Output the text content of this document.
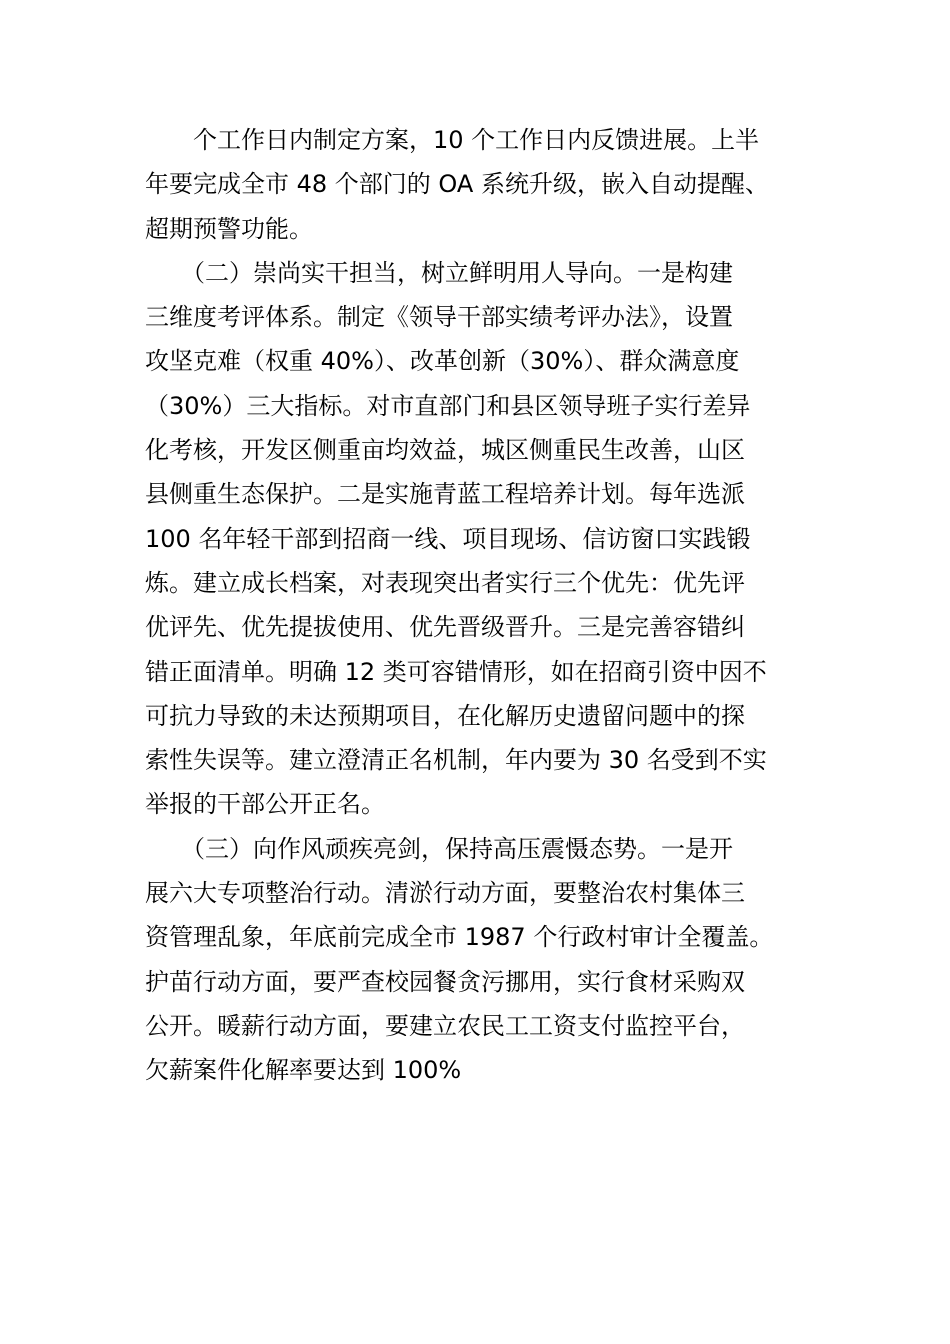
　　个工作日内制定方案，10 个工作日内反馈进展。上半
年要完成全市 48 个部门的 OA 系统升级，嵌入自动提醒、
超期预警功能。
　　（二）崇尚实干担当，树立鲜明用人导向。一是构建
三维度考评体系。制定《领导干部实绩考评办法》，设置
攻坚克难（权重 40%）、改革创新（30%）、群众满意度
（30%）三大指标。对市直部门和县区领导班子实行差异
化考核，开发区侧重亩均效益，城区侧重民生改善，山区
县侧重生态保护。二是实施青蓝工程培养计划。每年选派
100 名年轻干部到招商一线、项目现场、信访窗口实践锻
炼。建立成长档案，对表现突出者实行三个优先：优先评
优评先、优先提拔使用、优先晋级晋升。三是完善容错纠
错正面清单。明确 12 类可容错情形，如在招商引资中因不
可抗力导致的未达预期项目，在化解历史遗留问题中的探
索性失误等。建立澄清正名机制，年内要为 30 名受到不实
举报的干部公开正名。
　　（三）向作风顽疾亮剑，保持高压震慑态势。一是开
展六大专项整治行动。清淤行动方面，要整治农村集体三
资管理乱象，年底前完成全市 1987 个行政村审计全覆盖。
护苗行动方面，要严查校园餐贪污挪用，实行食材采购双
公开。暖薪行动方面，要建立农民工工资支付监控平台，
欠薪案件化解率要达到 100%
